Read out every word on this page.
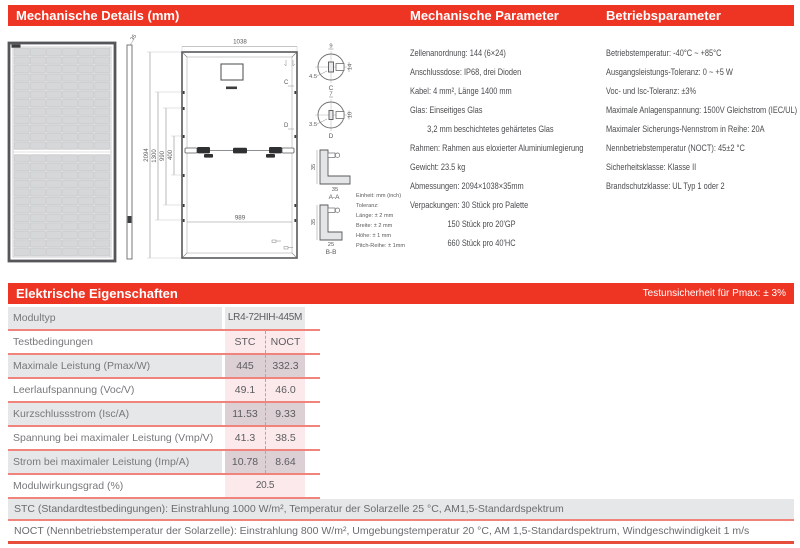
Mechanische Details (mm)	Mechanische Parameter	Betriebsparameter
35
2094 1300 990 400
1038
C
D
989
9
14
4.5
C
7
10
3.5
D
35
35
A-A
35
25
B-B
Einheit: mm (inch)
Toleranz:
Länge: ± 2 mm
Breite: ± 2 mm
Höhe: ± 1 mm
Pitch-Reihe: ± 1mm
Zellenanordnung: 144 (6×24)
Anschlussdose: IP68, drei Dioden
Kabel: 4 mm², Länge 1400 mm
Glas: Einseitiges Glas
3,2 mm beschichtetes gehärtetes Glas
Rahmen: Rahmen aus eloxierter Aluminiumlegierung
Gewicht: 23.5 kg
Abmessungen: 2094×1038×35mm
Verpackungen: 30 Stück pro Palette
150 Stück pro 20'GP
660 Stück pro 40'HC
Betriebstemperatur: -40°C ~ +85°C
Ausgangsleistungs-Toleranz: 0 ~ +5 W
Voc- und Isc-Toleranz: ±3%
Maximale Anlagenspannung: 1500V Gleichstrom (IEC/UL)
Maximaler Sicherungs-Nennstrom in Reihe: 20A
Nennbetriebstemperatur (NOCT): 45±2 °C
Sicherheitsklasse: Klasse II
Brandschutzklasse: UL Typ 1 oder 2
Elektrische Eigenschaften	Testunsicherheit für Pmax: ± 3%
Modultyp	LR4-72HIH-445M
Testbedingungen	STC	NOCT
Maximale Leistung (Pmax/W)	445	332.3
Leerlaufspannung (Voc/V)	49.1	46.0
Kurzschlussstrom (Isc/A)	11.53	9.33
Spannung bei maximaler Leistung (Vmp/V)	41.3	38.5
Strom bei maximaler Leistung (Imp/A)	10.78	8.64
Modulwirkungsgrad (%)	20.5
STC (Standardtestbedingungen): Einstrahlung 1000 W/m², Temperatur der Solarzelle 25 °C, AM1,5-Standardspektrum
NOCT (Nennbetriebstemperatur der Solarzelle): Einstrahlung 800 W/m², Umgebungstemperatur 20 °C, AM 1,5-Standardspektrum, Windgeschwindigkeit 1 m/s
